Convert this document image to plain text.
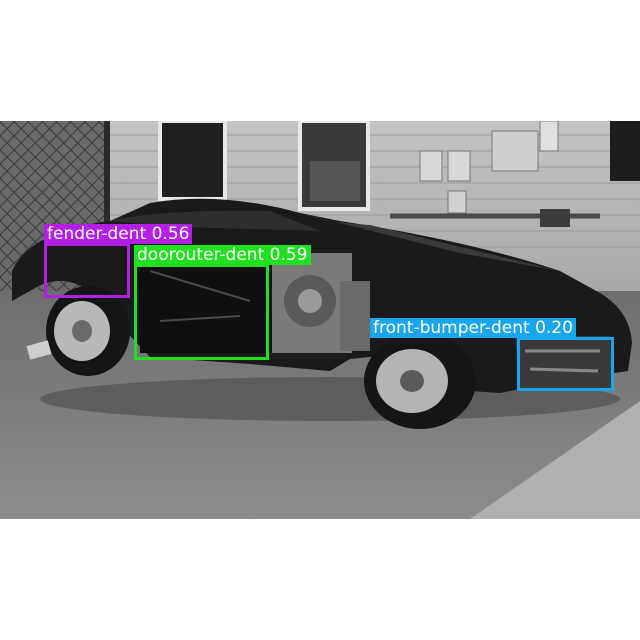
fender-dent 0.56
doorouter-dent 0.59
front-bumper-dent 0.20
